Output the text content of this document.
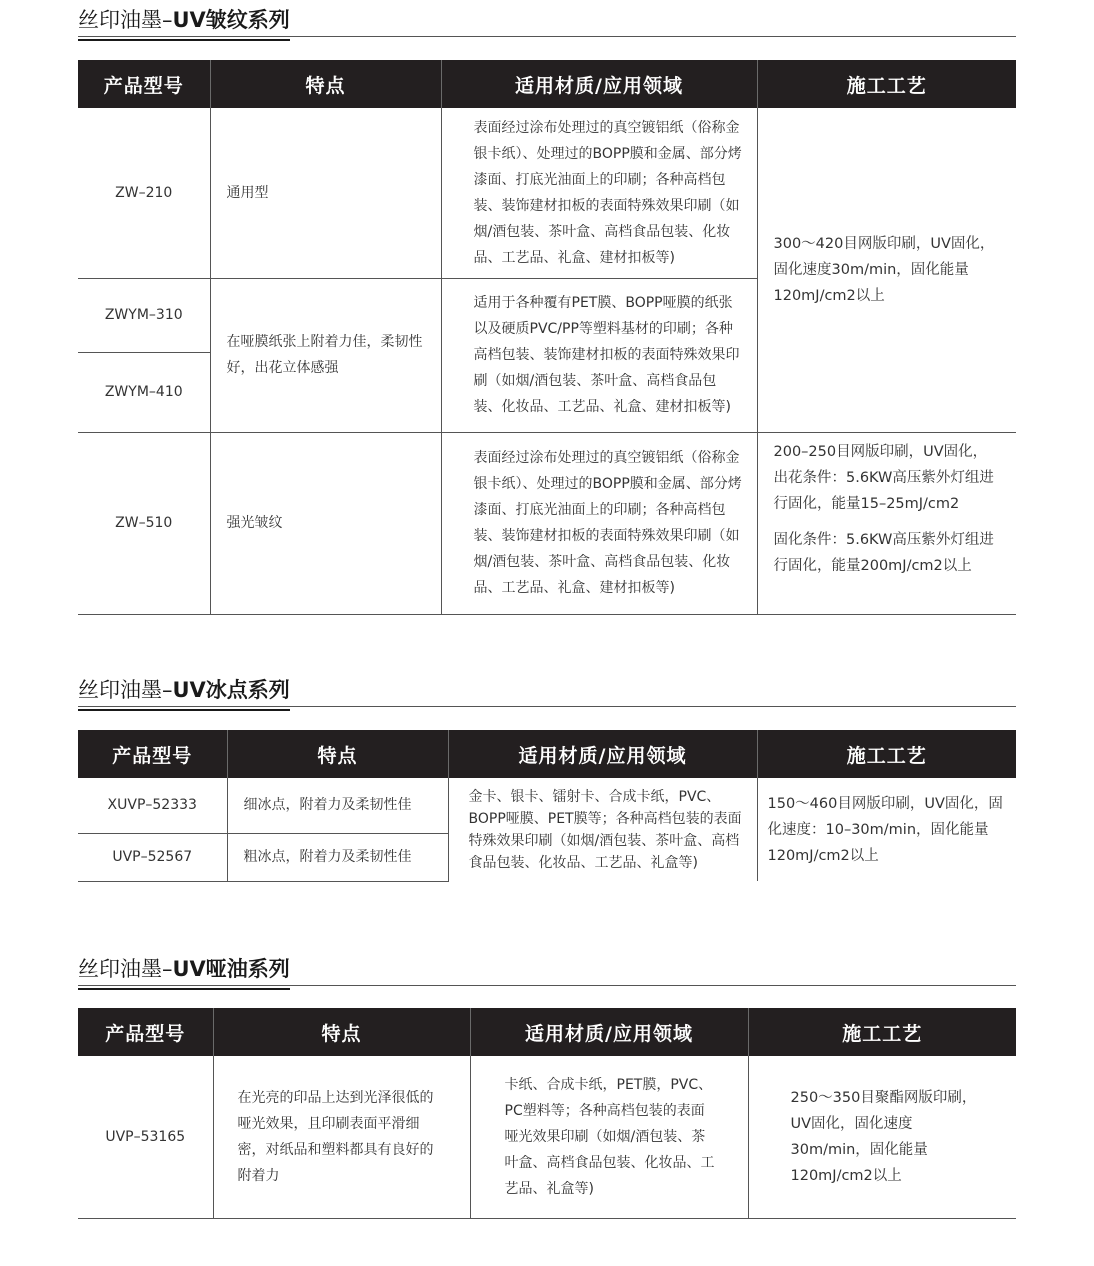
丝印油墨–UV皱纹系列
产品型号	特点	适用材质/应用领域	施工工艺
ZW–210	通用型	表面经过涂布处理过的真空镀铝纸（俗称金银卡纸）、处理过的BOPP膜和金属、部分烤漆面、打底光油面上的印刷；各种高档包装、装饰建材扣板的表面特殊效果印刷（如烟/酒包装、茶叶盒、高档食品包装、化妆品、工艺品、礼盒、建材扣板等)	300～420目网版印刷，UV固化，固化速度30m/min，固化能量120mJ/cm2以上
ZWYM–310	在哑膜纸张上附着力佳，柔韧性好，出花立体感强	适用于各种覆有PET膜、BOPP哑膜的纸张以及硬质PVC/PP等塑料基材的印刷；各种高档包装、装饰建材扣板的表面特殊效果印刷（如烟/酒包装、茶叶盒、高档食品包装、化妆品、工艺品、礼盒、建材扣板等)	
ZWYM–410			
ZW–510	强光皱纹	表面经过涂布处理过的真空镀铝纸（俗称金银卡纸）、处理过的BOPP膜和金属、部分烤漆面、打底光油面上的印刷；各种高档包装、装饰建材扣板的表面特殊效果印刷（如烟/酒包装、茶叶盒、高档食品包装、化妆品、工艺品、礼盒、建材扣板等)	200–250目网版印刷，UV固化，出花条件：5.6KW高压紫外灯组进行固化，能量15–25mJ/cm2
固化条件：5.6KW高压紫外灯组进行固化，能量200mJ/cm2以上
丝印油墨–UV冰点系列
产品型号	特点	适用材质/应用领域	施工工艺
XUVP–52333	细冰点，附着力及柔韧性佳	金卡、银卡、镭射卡、合成卡纸，PVC、BOPP哑膜、PET膜等；各种高档包装的表面特殊效果印刷（如烟/酒包装、茶叶盒、高档食品包装、化妆品、工艺品、礼盒等)	150～460目网版印刷，UV固化，固化速度：10–30m/min，固化能量120mJ/cm2以上
UVP–52567	粗冰点，附着力及柔韧性佳		
丝印油墨–UV哑油系列
产品型号	特点	适用材质/应用领域	施工工艺
UVP–53165	在光亮的印品上达到光泽很低的哑光效果，且印刷表面平滑细密，对纸品和塑料都具有良好的附着力	卡纸、合成卡纸，PET膜，PVC、PC塑料等；各种高档包装的表面哑光效果印刷（如烟/酒包装、茶叶盒、高档食品包装、化妆品、工艺品、礼盒等)	250～350目聚酯网版印刷，UV固化，固化速度30m/min，固化能量120mJ/cm2以上
